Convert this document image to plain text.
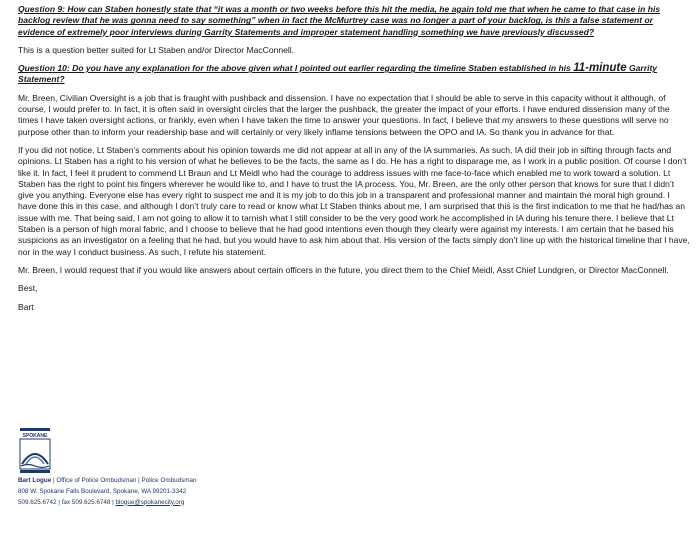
Question 9: How can Staben honestly state that “it was a month or two weeks before this hit the media, he again told me that when he came to that case in his backlog review that he was gonna need to say something” when in fact the McMurtrey case was no longer a part of your backlog, is this a false statement or evidence of extremely poor interviews during Garrity Statements and improper statement handling something we have previously discussed?

This is a question better suited for Lt Staben and/or Director MacConnell.

Question 10: Do you have any explanation for the above given what I pointed out earlier regarding the timeline Staben established in his 11-minute Garrity Statement?

Mr. Breen, Civilian Oversight is a job that is fraught with pushback and dissension. I have no expectation that I should be able to serve in this capacity without it although, of course, I would prefer to. In fact, it is often said in oversight circles that the larger the pushback, the greater the impact of your efforts. I have endured dissension many of the times I have taken oversight actions, or frankly, even when I have taken the time to answer your questions. In fact, I believe that my answers to these questions will serve no purpose other than to inform your readership base and will certainly or very likely inflame tensions between the OPO and IA. So thank you in advance for that.

If you did not notice, Lt Staben’s comments about his opinion towards me did not appear at all in any of the IA summaries. As such, IA did their job in sifting through facts and opinions. Lt Staben has a right to his version of what he believes to be the facts, the same as I do. He has a right to disparage me, as I work in a public position. Of course I don’t like it. In fact, I feel it prudent to commend Lt Braun and Lt Meidl who had the courage to address issues with me face-to-face which enabled me to work toward a solution. Lt Staben has the right to point his fingers wherever he would like to, and I have to trust the IA process. You, Mr. Breen, are the only other person that knows for sure that I didn’t give you anything. Everyone else has every right to suspect me and it is my job to do this job in a transparent and professional manner and maintain the moral high ground. I have done this in this case, and although I don’t truly care to read or know what Lt Staben thinks about me, I am surprised that this is the first indication to me that he had/has an issue with me. That being said, I am not going to allow it to tarnish what I still consider to be the very good work he accomplished in IA during his tenure there. I believe that Lt Staben is a person of high moral fabric, and I choose to believe that he had good intentions even though they clearly were against my interests. I am certain that he based his suspicions as an investigator on a feeling that he had, but you would have to ask him about that. His version of the facts simply don’t line up with the historical timeline that I have, nor in the way I conduct business. As such, I refute his statement.

Mr. Breen, I would request that if you would like answers about certain officers in the future, you direct them to the Chief Meidl, Asst Chief Lundgren, or Director MacConnell.

Best,

Bart

SPOKANE
Bart Logue | Office of Police Ombudsman | Police Ombudsman
808 W. Spokane Falls Boulevard, Spokane, WA 99201-3342
509.625.6742 | fax 509.625.6748 | blogue@spokanecity.org
